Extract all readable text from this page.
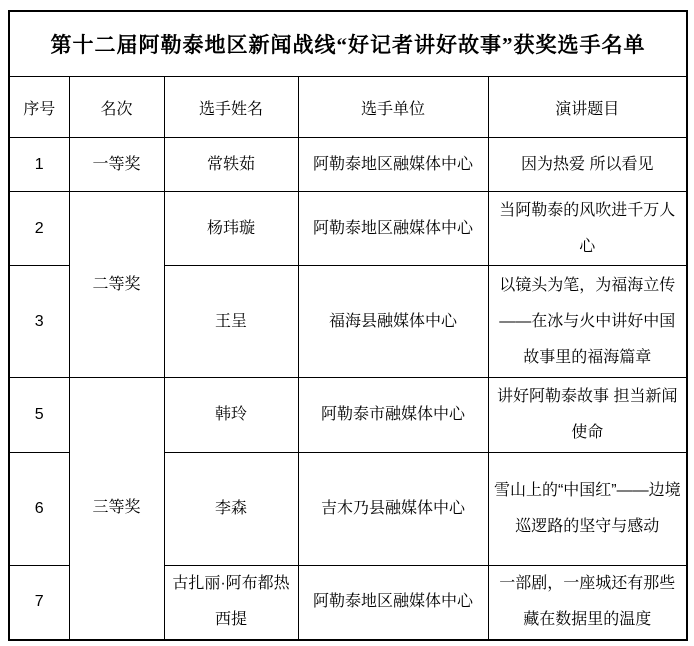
第十二届阿勒泰地区新闻战线“好记者讲好故事”获奖选手名单				
序号	名次	选手姓名	选手单位	演讲题目
1	一等奖	常轶茹	阿勒泰地区融媒体中心	因为热爱 所以看见
2	二等奖	杨玮璇	阿勒泰地区融媒体中心	当阿勒泰的风吹进千万人心
3		王呈	福海县融媒体中心	以镜头为笔，为福海立传——在冰与火中讲好中国故事里的福海篇章
5	三等奖	韩玲	阿勒泰市融媒体中心	讲好阿勒泰故事 担当新闻使命
6		李森	吉木乃县融媒体中心	雪山上的“中国红”——边境巡逻路的坚守与感动
7		古扎丽·阿布都热西提	阿勒泰地区融媒体中心	一部剧，一座城还有那些藏在数据里的温度
